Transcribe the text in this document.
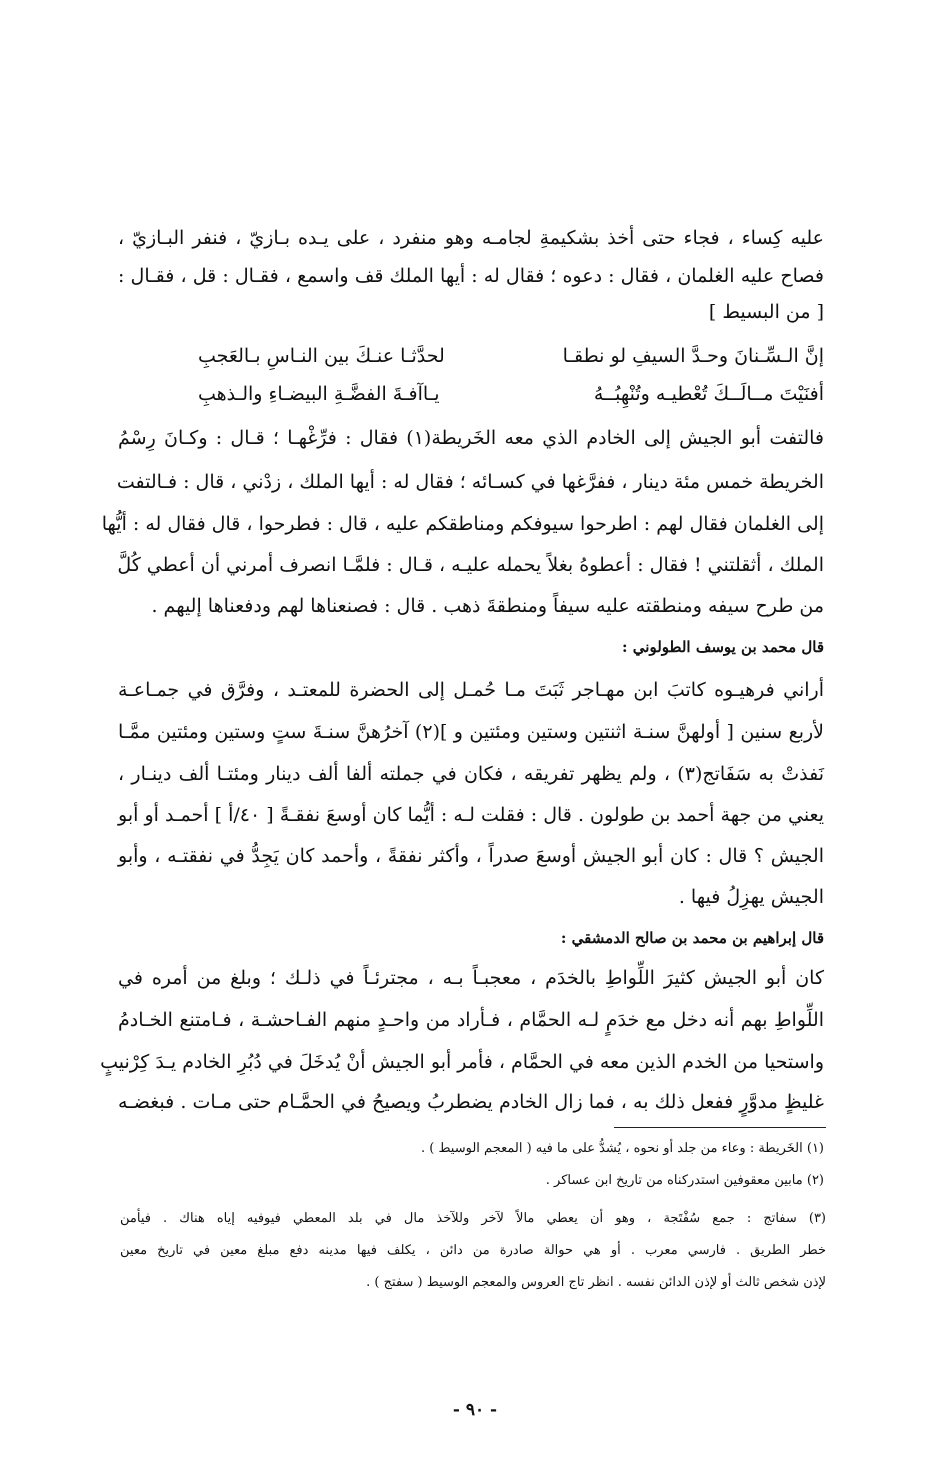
عليه كِساء ، فجاء حتى أخذ بشكيمةِ لجامـه وهو منفرد ، على يـده بـازيّ ، فنفر البـازيّ ،
فصاح عليه الغلمان ، فقال : دعوه ؛ فقال له : أيها الملك قف واسمع ، فقـال : قل ، فقـال :
[ من البسيط ]
إنَّ الـسِّـنانَ وحـدَّ السيفِ لو نطقـا
لحدَّثـا عنـكَ بين النـاسِ بـالعَجبِ
أفنَيْتَ مــالَــكَ تُعْطيـه وتُنْهِبُــهُ
يـاآفـةَ الفضَّـةِ البيضـاءِ والـذهبِ
فالتفت أبو الجيش إلى الخادم الذي معه الخَريطة(١) فقال : فرِّغْهـا ؛ قـال : وكـانَ رِسْمُ
الخريطة خمس مئة دينار ، ففرَّغها في كسـائه ؛ فقال له : أيها الملك ، زدْني ، قال : فـالتفت
إلى الغلمان فقال لهم : اطرحوا سيوفكم ومناطقكم عليه ، قال : فطرحوا ، قال فقال له : أيُّها
الملك ، أثقلتني ! فقال : أعطوهُ بغلاً يحمله عليـه ، قـال : فلمَّـا انصرف أمرني أن أعطي كُلَّ
من طرح سيفه ومنطقته عليه سيفاً ومنطقةَ ذهب . قال : فصنعناها لهم ودفعناها إليهم .
قال محمد بن يوسف الطولوني :
أراني فرهيـوه كاتبَ ابن مهـاجر ثَبَتَ مـا حُمـل إلى الحضرة للمعتـد ، وفرَّق في جمـاعـة
لأربع سنين [ أولهنَّ سنـة اثنتين وستين ومئتين و ](٢) آخرُهنَّ سنـةَ ستٍ وستين ومئتين ممَّـا
نَفذتْ به سَفَاتج(٣) ، ولم يظهر تفريقه ، فكان في جملته ألفا ألف دينار ومئتـا ألف دينـار ،
يعني من جهة أحمد بن طولون . قال : فقلت لـه : أيُّما كان أوسعَ نفقـةً [ ٤٠/أ ] أحمـد أو أبو
الجيش ؟ قال : كان أبو الجيش أوسعَ صدراً ، وأكثر نفقةً ، وأحمد كان يَجِدُّ في نفقتـه ، وأبو
الجيش يهزِلُ فيها .
قال إبراهيم بن محمد بن صالح الدمشقي :
كان أبو الجيش كثيرَ اللِّواطِ بالخدَم ، معجبـاً بـه ، مجترئـاً في ذلـك ؛ وبلغ من أمره في
اللِّواطِ بهم أنه دخل مع خدَمٍ لـه الحمَّام ، فـأراد من واحـدٍ منهم الفـاحشـة ، فـامتنع الخـادمُ
واستحيا من الخدم الذين معه في الحمَّام ، فأمر أبو الجيش أنْ يُدخَلَ في دُبُرِ الخادم يـدَ كِرْنيبٍ
غليظٍ مدوَّرٍ ففعل ذلك به ، فما زال الخادم يضطربُ ويصيحُ في الحمَّـام حتى مـات . فبغضـه
(١) الخَريطة : وعاء من جلد أو نحوه ، يُشدُّ على ما فيه ( المعجم الوسيط ) .
(٢) مابين معقوفين استدركناه من تاريخ ابن عساكر .
(٣) سفاتج : جمع سُفْتَجة ، وهو أن يعطي مالاً لآخر وللآخذ مال في بلد المعطي فيوفيه إياه هناك . فيأمن
خطر الطريق . فارسي معرب . أو هي حوالة صادرة من دائن ، يكلف فيها مدينه دفع مبلغ معين في تاريخ معين
لإذن شخص ثالث أو لإذن الدائن نفسه . انظر تاج العروس والمعجم الوسيط ( سفتج ) .
- ٩٠ -
